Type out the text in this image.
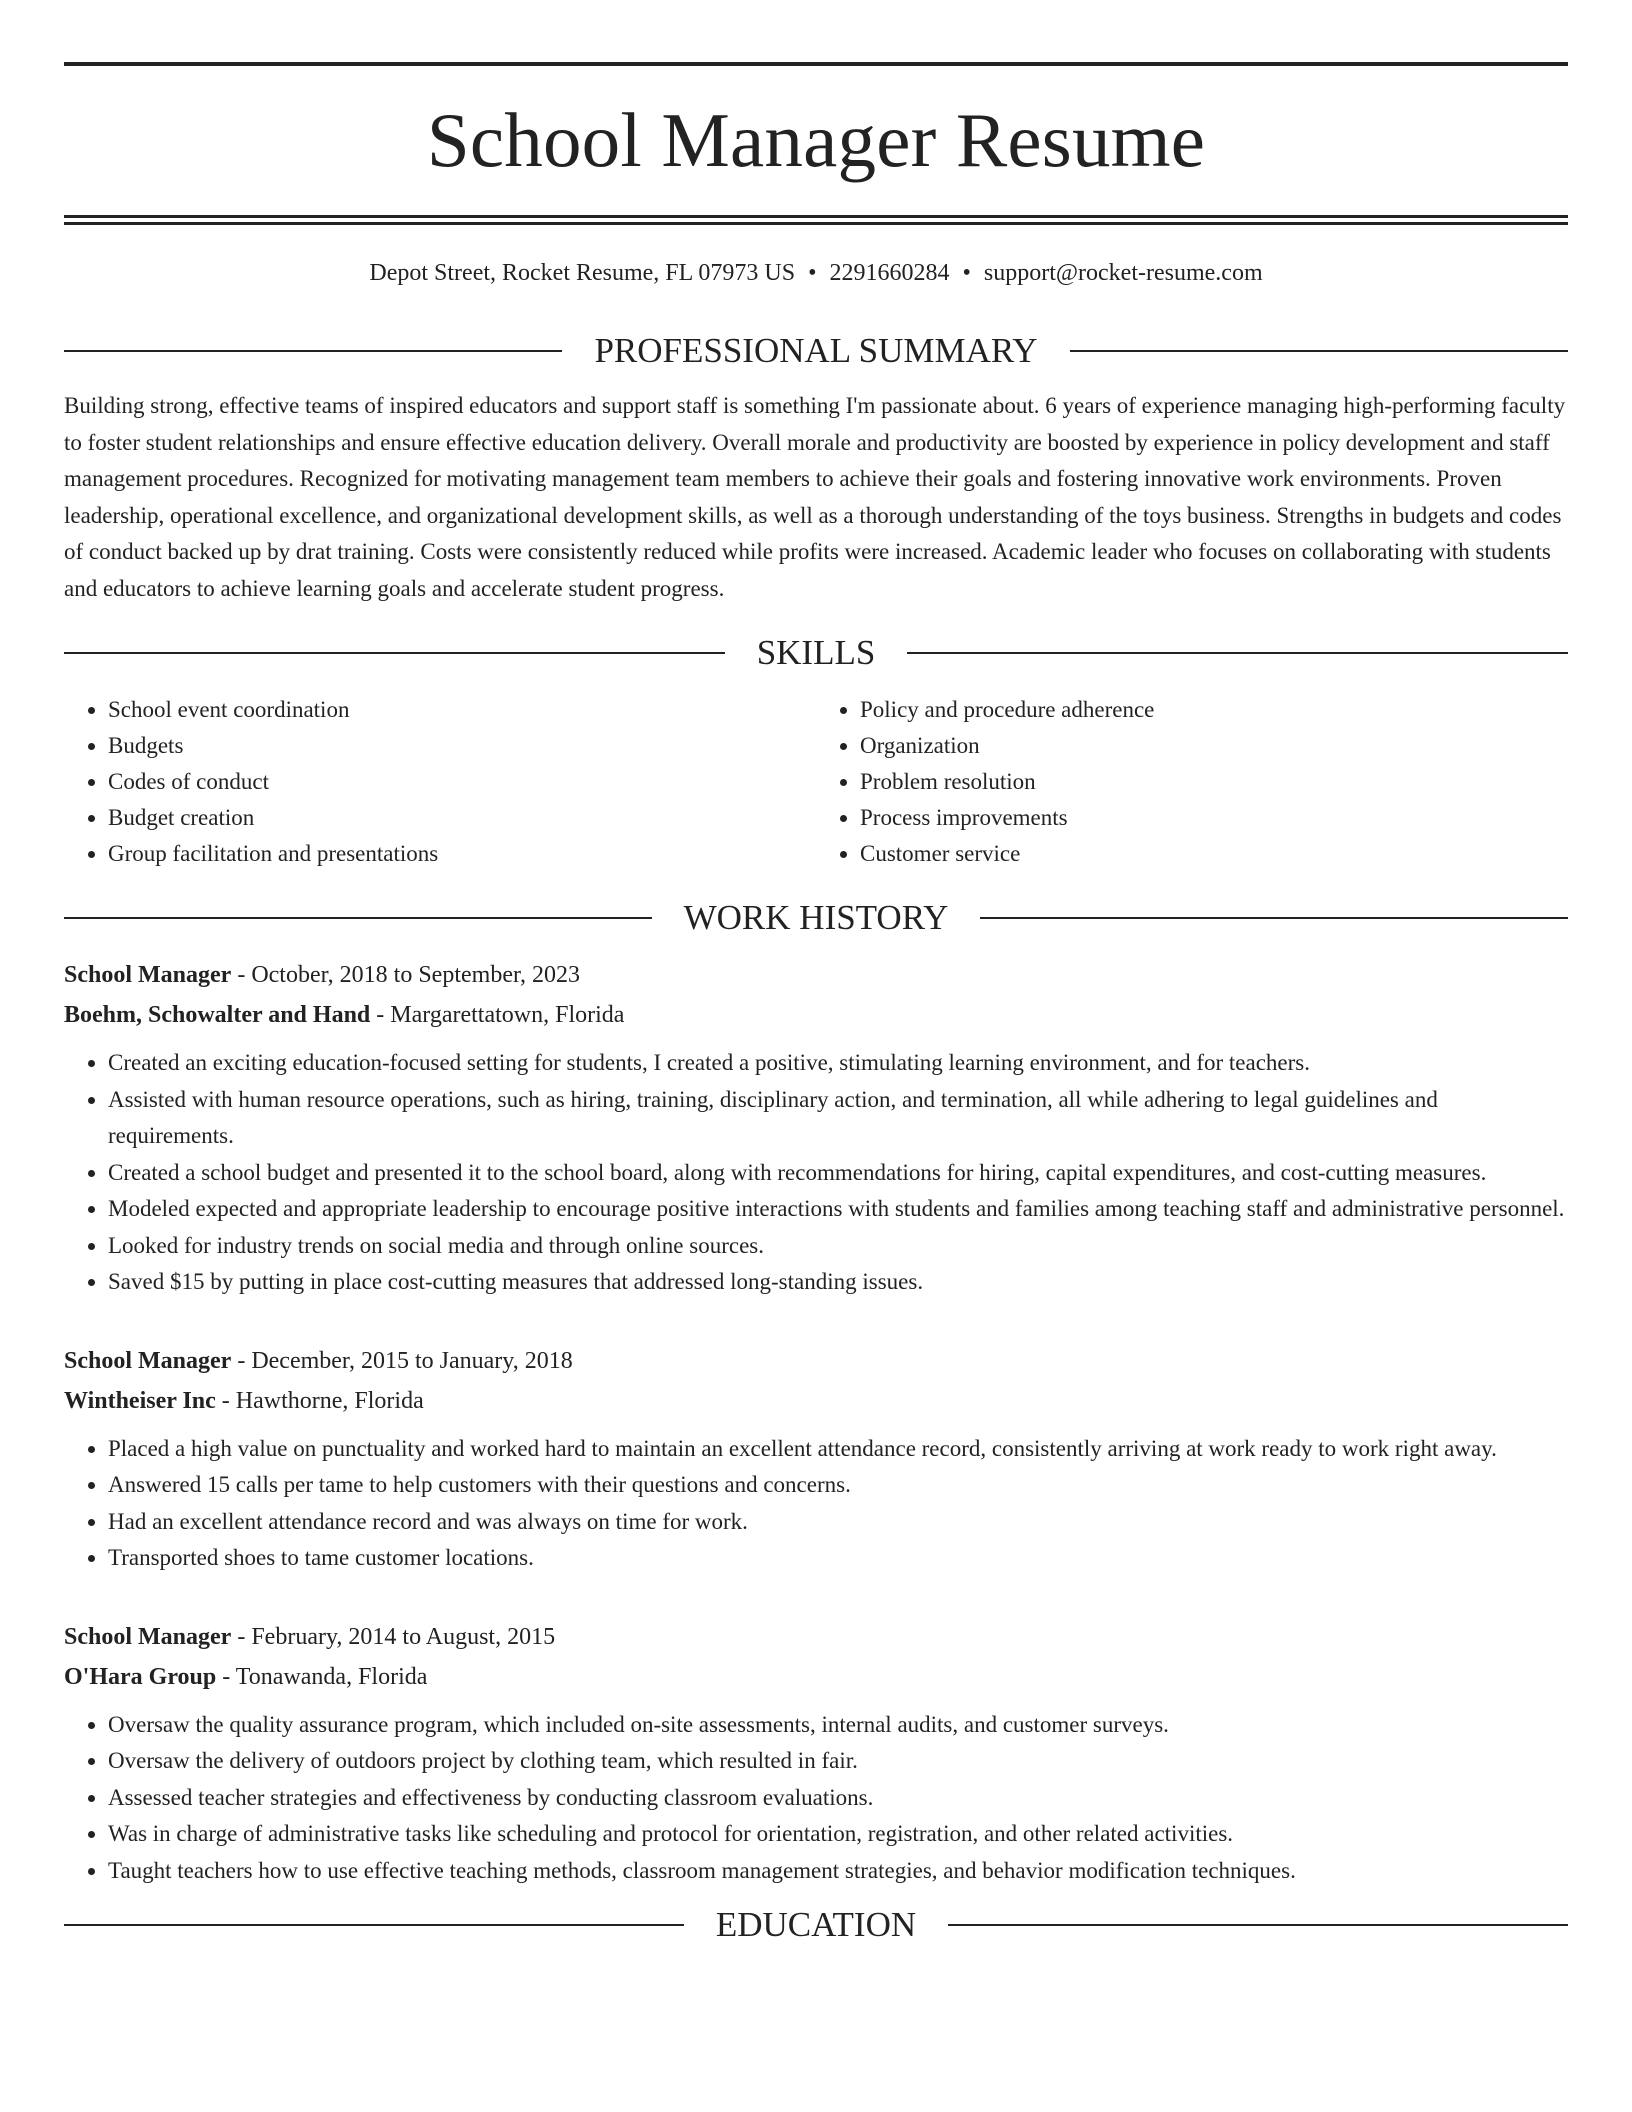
School Manager Resume
Depot Street, Rocket Resume, FL 07973 US • 2291660284 • support@rocket-resume.com
PROFESSIONAL SUMMARY

Building strong, effective teams of inspired educators and support staff is something I'm passionate about. 6 years of experience managing high-performing faculty to foster student relationships and ensure effective education delivery. Overall morale and productivity are boosted by experience in policy development and staff management procedures. Recognized for motivating management team members to achieve their goals and fostering innovative work environments. Proven leadership, operational excellence, and organizational development skills, as well as a thorough understanding of the toys business. Strengths in budgets and codes of conduct backed up by drat training. Costs were consistently reduced while profits were increased. Academic leader who focuses on collaborating with students and educators to achieve learning goals and accelerate student progress.

SKILLS
• School event coordination
• Budgets
• Codes of conduct
• Budget creation
• Group facilitation and presentations
• Policy and procedure adherence
• Organization
• Problem resolution
• Process improvements
• Customer service
WORK HISTORY
School Manager - October, 2018 to September, 2023
Boehm, Schowalter and Hand - Margarettatown, Florida
• Created an exciting education-focused setting for students, I created a positive, stimulating learning environment, and for teachers.
• Assisted with human resource operations, such as hiring, training, disciplinary action, and termination, all while adhering to legal guidelines and requirements.
• Created a school budget and presented it to the school board, along with recommendations for hiring, capital expenditures, and cost-cutting measures.
• Modeled expected and appropriate leadership to encourage positive interactions with students and families among teaching staff and administrative personnel.
• Looked for industry trends on social media and through online sources.
• Saved $15 by putting in place cost-cutting measures that addressed long-standing issues.
School Manager - December, 2015 to January, 2018
Wintheiser Inc - Hawthorne, Florida
• Placed a high value on punctuality and worked hard to maintain an excellent attendance record, consistently arriving at work ready to work right away.
• Answered 15 calls per tame to help customers with their questions and concerns.
• Had an excellent attendance record and was always on time for work.
• Transported shoes to tame customer locations.
School Manager - February, 2014 to August, 2015
O'Hara Group - Tonawanda, Florida
• Oversaw the quality assurance program, which included on-site assessments, internal audits, and customer surveys.
• Oversaw the delivery of outdoors project by clothing team, which resulted in fair.
• Assessed teacher strategies and effectiveness by conducting classroom evaluations.
• Was in charge of administrative tasks like scheduling and protocol for orientation, registration, and other related activities.
• Taught teachers how to use effective teaching methods, classroom management strategies, and behavior modification techniques.
EDUCATION
